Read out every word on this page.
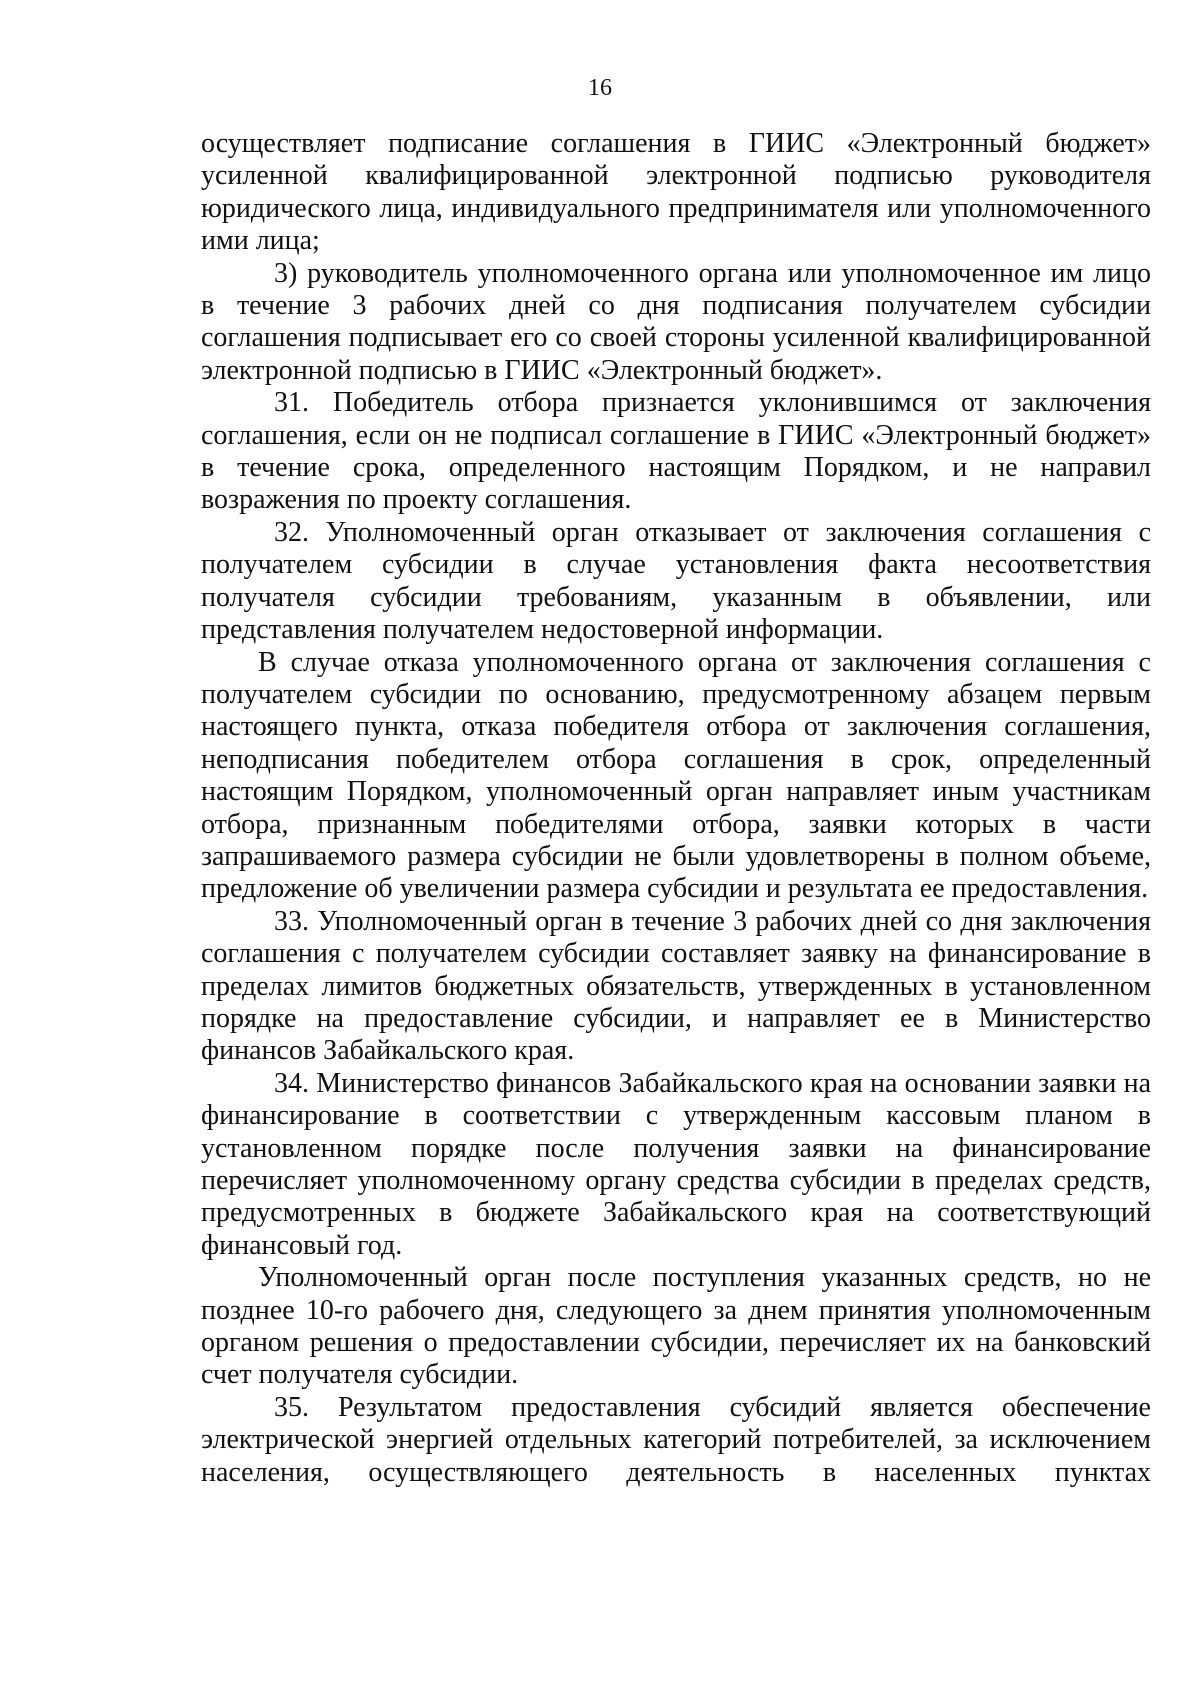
16

осуществляет подписание соглашения в ГИИС «Электронный бюджет» усиленной квалифицированной электронной подписью руководителя юридического лица, индивидуального предпринимателя или уполномоченного ими лица;

3) руководитель уполномоченного органа или уполномоченное им лицо в течение 3 рабочих дней со дня подписания получателем субсидии соглашения подписывает его со своей стороны усиленной квалифицированной электронной подписью в ГИИС «Электронный бюджет».

31. Победитель отбора признается уклонившимся от заключения соглашения, если он не подписал соглашение в ГИИС «Электронный бюджет» в течение срока, определенного настоящим Порядком, и не направил возражения по проекту соглашения.

32. Уполномоченный орган отказывает от заключения соглашения с получателем субсидии в случае установления факта несоответствия получателя субсидии требованиям, указанным в объявлении, или представления получателем недостоверной информации.

В случае отказа уполномоченного органа от заключения соглашения с получателем субсидии по основанию, предусмотренному абзацем первым настоящего пункта, отказа победителя отбора от заключения соглашения, неподписания победителем отбора соглашения в срок, определенный настоящим Порядком, уполномоченный орган направляет иным участникам отбора, признанным победителями отбора, заявки которых в части запрашиваемого размера субсидии не были удовлетворены в полном объеме, предложение об увеличении размера субсидии и результата ее предоставления.

33. Уполномоченный орган в течение 3 рабочих дней со дня заключения соглашения с получателем субсидии составляет заявку на финансирование в пределах лимитов бюджетных обязательств, утвержденных в установленном порядке на предоставление субсидии, и направляет ее в Министерство финансов Забайкальского края.

34. Министерство финансов Забайкальского края на основании заявки на финансирование в соответствии с утвержденным кассовым планом в установленном порядке после получения заявки на финансирование перечисляет уполномоченному органу средства субсидии в пределах средств, предусмотренных в бюджете Забайкальского края на соответствующий финансовый год.

Уполномоченный орган после поступления указанных средств, но не позднее 10-го рабочего дня, следующего за днем принятия уполномоченным органом решения о предоставлении субсидии, перечисляет их на банковский счет получателя субсидии.

35. Результатом предоставления субсидий является обеспечение электрической энергией отдельных категорий потребителей, за исключением населения, осуществляющего деятельность в населенных пунктах
